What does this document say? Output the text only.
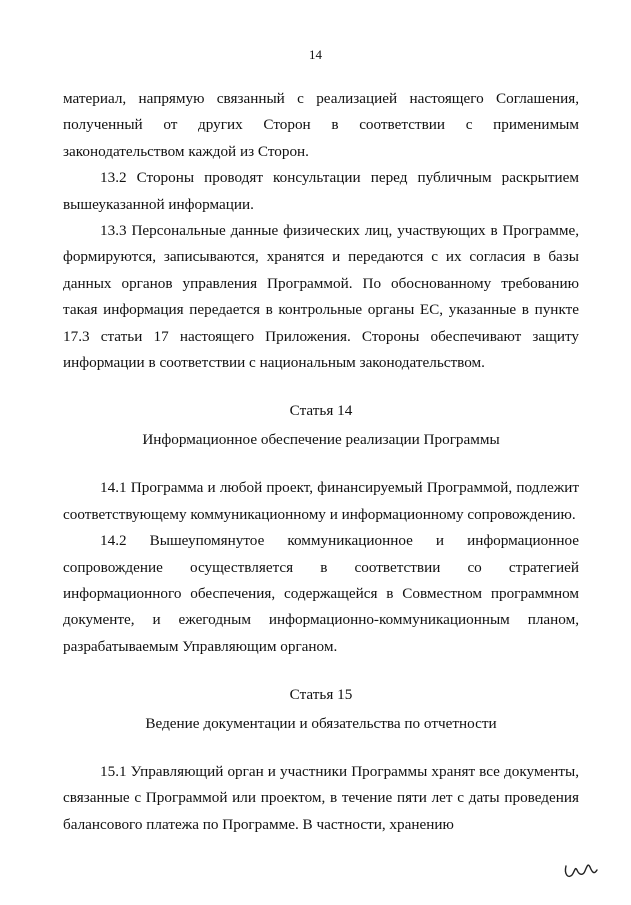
14

материал, напрямую связанный с реализацией настоящего Соглашения, полученный от других Сторон в соответствии с применимым законодательством каждой из Сторон.

13.2 Стороны проводят консультации перед публичным раскрытием вышеуказанной информации.

13.3 Персональные данные физических лиц, участвующих в Программе, формируются, записываются, хранятся и передаются с их согласия в базы данных органов управления Программой. По обоснованному требованию такая информация передается в контрольные органы ЕС, указанные в пункте 17.3 статьи 17 настоящего Приложения. Стороны обеспечивают защиту информации в соответствии с национальным законодательством.

Статья 14

Информационное обеспечение реализации Программы

14.1 Программа и любой проект, финансируемый Программой, подлежит соответствующему коммуникационному и информационному сопровождению.

14.2 Вышеупомянутое коммуникационное и информационное сопровождение осуществляется в соответствии со стратегией информационного обеспечения, содержащейся в Совместном программном документе, и ежегодным информационно-коммуникационным планом, разрабатываемым Управляющим органом.

Статья 15

Ведение документации и обязательства по отчетности

15.1 Управляющий орган и участники Программы хранят все документы, связанные с Программой или проектом, в течение пяти лет с даты проведения балансового платежа по Программе. В частности, хранению
